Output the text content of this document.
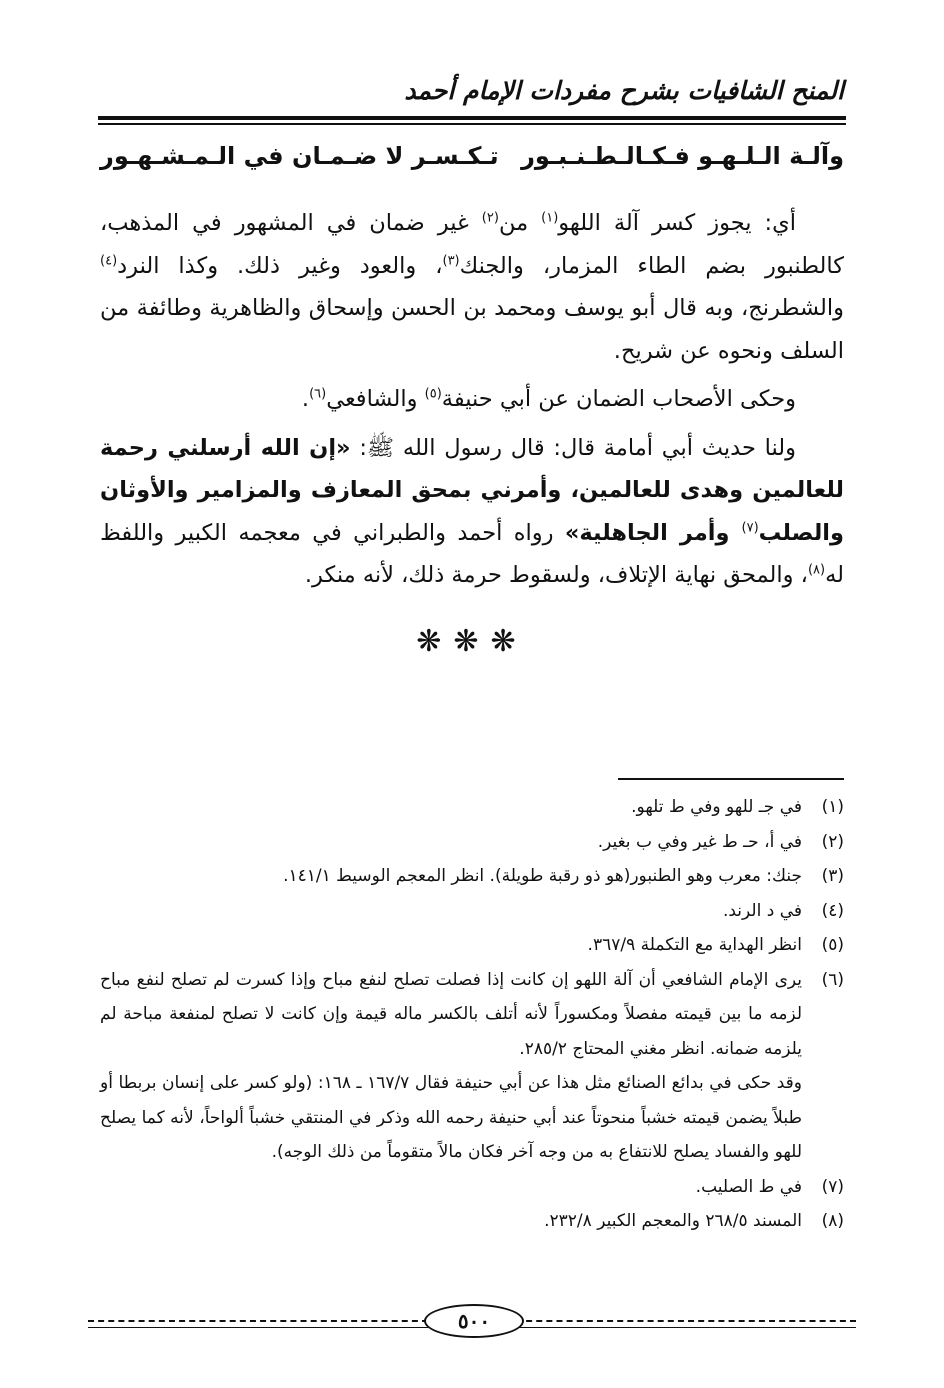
المنح الشافيات بشرح مفردات الإمام أحمد
وآلـة الـلـهـو فـكـالـطـنـبـور
تـكـسـر لا ضـمـان في الـمـشـهـور

أي: يجوز كسر آلة اللهو$^{(١)}$ من$^{(٢)}$ غير ضمان في المشهور في المذهب، كالطنبور بضم الطاء المزمار، والجنك$^{(٣)}$، والعود وغير ذلك. وكذا النرد$^{(٤)}$ والشطرنج، وبه قال أبو يوسف ومحمد بن الحسن وإسحاق والظاهرية وطائفة من السلف ونحوه عن شريح.

وحكى الأصحاب الضمان عن أبي حنيفة$^{(٥)}$ والشافعي$^{(٦)}$.

ولنا حديث أبي أمامة قال: قال رسول الله ﷺ: «إن الله أرسلني رحمة للعالمين وهدى للعالمين، وأمرني بمحق المعازف والمزامير والأوثان والصلب$^{(٧)}$ وأمر الجاهلية» رواه أحمد والطبراني في معجمه الكبير واللفظ له$^{(٨)}$، والمحق نهاية الإتلاف، ولسقوط حرمة ذلك، لأنه منكر.

❋❋❋
(١)
في جـ للهو وفي ط تلهو.
(٢)
في أ، حـ ط غير وفي ب بغير.
(٣)
جنك: معرب وهو الطنبور(هو ذو رقبة طويلة). انظر المعجم الوسيط ١٤١/١.
(٤)
في د الرند.
(٥)
انظر الهداية مع التكملة ٣٦٧/٩.
(٦)
يرى الإمام الشافعي أن آلة اللهو إن كانت إذا فصلت تصلح لنفع مباح وإذا كسرت لم تصلح لنفع مباح لزمه ما بين قيمته مفصلاً ومكسوراً لأنه أتلف بالكسر ماله قيمة وإن كانت لا تصلح لمنفعة مباحة لم يلزمه ضمانه. انظر مغني المحتاج ٢٨٥/٢.
وقد حكى في بدائع الصنائع مثل هذا عن أبي حنيفة فقال ١٦٧/٧ ـ ١٦٨: (ولو كسر على إنسان بربطا أو طبلاً يضمن قيمته خشباً منحوتاً عند أبي حنيفة رحمه الله وذكر في المنتقي خشباً ألواحاً، لأنه كما يصلح للهو والفساد يصلح للانتفاع به من وجه آخر فكان مالاً متقوماً من ذلك الوجه).
(٧)
في ط الصليب.
(٨)
المسند ٢٦٨/٥ والمعجم الكبير ٢٣٢/٨.
٥٠٠
